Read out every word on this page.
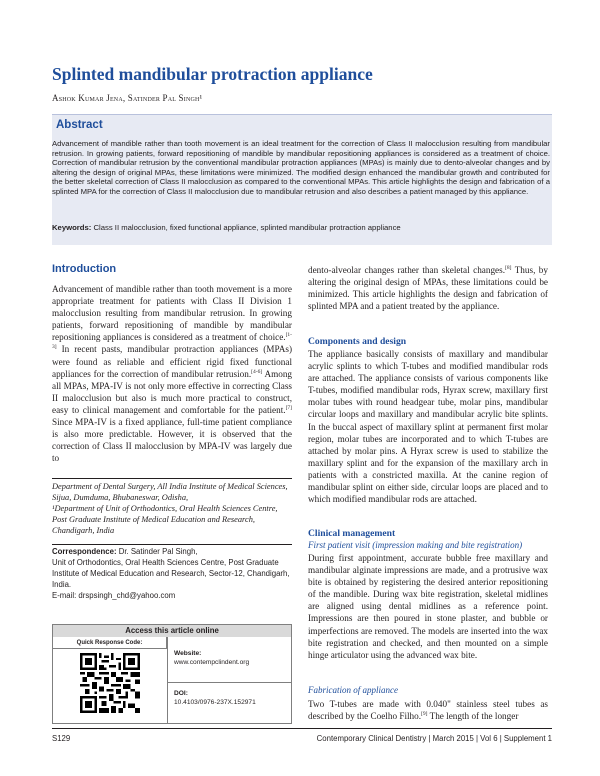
Splinted mandibular protraction appliance
Ashok Kumar Jena, Satinder Pal Singh¹
Abstract

Advancement of mandible rather than tooth movement is an ideal treatment for the correction of Class II malocclusion resulting from mandibular retrusion. In growing patients, forward repositioning of mandible by mandibular repositioning appliances is considered as a treatment of choice. Correction of mandibular retrusion by the conventional mandibular protraction appliances (MPAs) is mainly due to dento-alveolar changes and by altering the design of original MPAs, these limitations were minimized. The modified design enhanced the mandibular growth and contributed for the better skeletal correction of Class II malocclusion as compared to the conventional MPAs. This article highlights the design and fabrication of a splinted MPA for the correction of Class II malocclusion due to mandibular retrusion and also describes a patient managed by this appliance.

Keywords: Class II malocclusion, fixed functional appliance, splinted mandibular protraction appliance

Introduction

Advancement of mandible rather than tooth movement is a more appropriate treatment for patients with Class II Division 1 malocclusion resulting from mandibular retrusion. In growing patients, forward repositioning of mandible by mandibular repositioning appliances is considered as a treatment of choice.[1-3] In recent pasts, mandibular protraction appliances (MPAs) were found as reliable and efficient rigid fixed functional appliances for the correction of mandibular retrusion.[4-6] Among all MPAs, MPA-IV is not only more effective in correcting Class II malocclusion but also is much more practical to construct, easy to clinical management and comfortable for the patient.[7] Since MPA-IV is a fixed appliance, full-time patient compliance is also more predictable. However, it is observed that the correction of Class II malocclusion by MPA-IV was largely due to

dento-alveolar changes rather than skeletal changes.[8] Thus, by altering the original design of MPAs, these limitations could be minimized. This article highlights the design and fabrication of splinted MPA and a patient treated by the appliance.

Components and design

The appliance basically consists of maxillary and mandibular acrylic splints to which T-tubes and modified mandibular rods are attached. The appliance consists of various components like T-tubes, modified mandibular rods, Hyrax screw, maxillary first molar tubes with round headgear tube, molar pins, mandibular circular loops and maxillary and mandibular acrylic bite splints. In the buccal aspect of maxillary splint at permanent first molar region, molar tubes are incorporated and to which T-tubes are attached by molar pins. A Hyrax screw is used to stabilize the maxillary splint and for the expansion of the maxillary arch in patients with a constricted maxilla. At the canine region of mandibular splint on either side, circular loops are placed and to which modified mandibular rods are attached.

Clinical management
First patient visit (impression making and bite registration)

During first appointment, accurate bubble free maxillary and mandibular alginate impressions are made, and a protrusive wax bite is obtained by registering the desired anterior repositioning of the mandible. During wax bite registration, skeletal midlines are aligned using dental midlines as a reference point. Impressions are then poured in stone plaster, and bubble or imperfections are removed. The models are inserted into the wax bite registration and checked, and then mounted on a simple hinge articulator using the advanced wax bite.

Fabrication of appliance

Two T-tubes are made with 0.040" stainless steel tubes as described by the Coelho Filho.[9] The length of the longer

Department of Dental Surgery, All India Institute of Medical Sciences, Sijua, Dumduma, Bhubaneswar, Odisha,
¹Department of Unit of Orthodontics, Oral Health Sciences Centre, Post Graduate Institute of Medical Education and Research, Chandigarh, India

Correspondence: Dr. Satinder Pal Singh,
Unit of Orthodontics, Oral Health Sciences Centre, Post Graduate Institute of Medical Education and Research, Sector-12, Chandigarh, India.
E-mail: drspsingh_chd@yahoo.com

Access this article online
Quick Response Code:
Website:
www.contempclindent.org
DOI:
10.4103/0976-237X.152971
S129	Contemporary Clinical Dentistry | March 2015 | Vol 6 | Supplement 1
